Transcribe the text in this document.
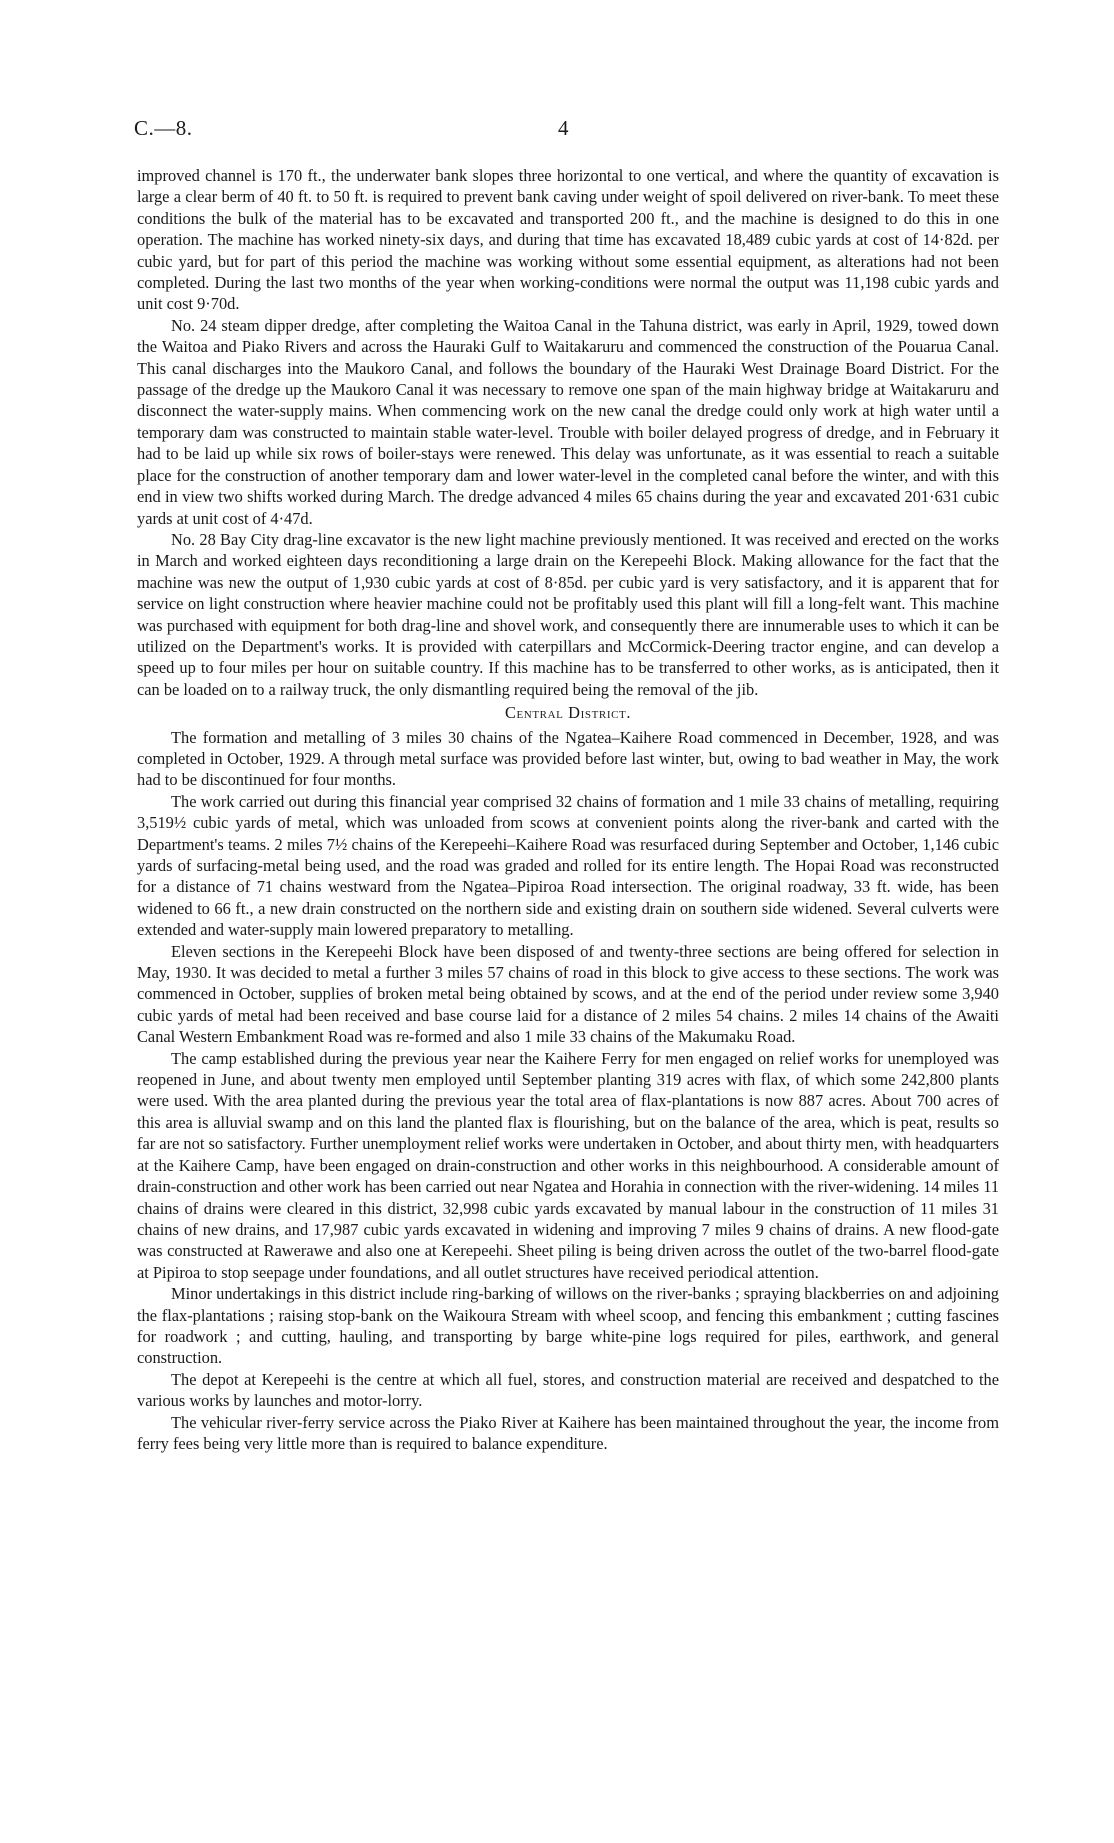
C.—8.	4

improved channel is 170 ft., the underwater bank slopes three horizontal to one vertical, and where the quantity of excavation is large a clear berm of 40 ft. to 50 ft. is required to prevent bank caving under weight of spoil delivered on river-bank. To meet these conditions the bulk of the material has to be excavated and transported 200 ft., and the machine is designed to do this in one operation. The machine has worked ninety-six days, and during that time has excavated 18,489 cubic yards at cost of 14·82d. per cubic yard, but for part of this period the machine was working without some essential equipment, as alterations had not been completed. During the last two months of the year when working-conditions were normal the output was 11,198 cubic yards and unit cost 9·70d.

No. 24 steam dipper dredge, after completing the Waitoa Canal in the Tahuna district, was early in April, 1929, towed down the Waitoa and Piako Rivers and across the Hauraki Gulf to Waitakaruru and commenced the construction of the Pouarua Canal. This canal discharges into the Maukoro Canal, and follows the boundary of the Hauraki West Drainage Board District. For the passage of the dredge up the Maukoro Canal it was necessary to remove one span of the main highway bridge at Waitakaruru and disconnect the water-supply mains. When commencing work on the new canal the dredge could only work at high water until a temporary dam was constructed to maintain stable water-level. Trouble with boiler delayed progress of dredge, and in February it had to be laid up while six rows of boiler-stays were renewed. This delay was unfortunate, as it was essential to reach a suitable place for the construction of another temporary dam and lower water-level in the completed canal before the winter, and with this end in view two shifts worked during March. The dredge advanced 4 miles 65 chains during the year and excavated 201·631 cubic yards at unit cost of 4·47d.

No. 28 Bay City drag-line excavator is the new light machine previously mentioned. It was received and erected on the works in March and worked eighteen days reconditioning a large drain on the Kerepeehi Block. Making allowance for the fact that the machine was new the output of 1,930 cubic yards at cost of 8·85d. per cubic yard is very satisfactory, and it is apparent that for service on light construction where heavier machine could not be profitably used this plant will fill a long-felt want. This machine was purchased with equipment for both drag-line and shovel work, and consequently there are innumerable uses to which it can be utilized on the Department's works. It is provided with caterpillars and McCormick-Deering tractor engine, and can develop a speed up to four miles per hour on suitable country. If this machine has to be transferred to other works, as is anticipated, then it can be loaded on to a railway truck, the only dismantling required being the removal of the jib.

Central District.

The formation and metalling of 3 miles 30 chains of the Ngatea–Kaihere Road commenced in December, 1928, and was completed in October, 1929. A through metal surface was provided before last winter, but, owing to bad weather in May, the work had to be discontinued for four months.

The work carried out during this financial year comprised 32 chains of formation and 1 mile 33 chains of metalling, requiring 3,519½ cubic yards of metal, which was unloaded from scows at convenient points along the river-bank and carted with the Department's teams. 2 miles 7½ chains of the Kerepeehi–Kaihere Road was resurfaced during September and October, 1,146 cubic yards of surfacing-metal being used, and the road was graded and rolled for its entire length. The Hopai Road was reconstructed for a distance of 71 chains westward from the Ngatea–Pipiroa Road intersection. The original roadway, 33 ft. wide, has been widened to 66 ft., a new drain constructed on the northern side and existing drain on southern side widened. Several culverts were extended and water-supply main lowered preparatory to metalling.

Eleven sections in the Kerepeehi Block have been disposed of and twenty-three sections are being offered for selection in May, 1930. It was decided to metal a further 3 miles 57 chains of road in this block to give access to these sections. The work was commenced in October, supplies of broken metal being obtained by scows, and at the end of the period under review some 3,940 cubic yards of metal had been received and base course laid for a distance of 2 miles 54 chains. 2 miles 14 chains of the Awaiti Canal Western Embankment Road was re-formed and also 1 mile 33 chains of the Makumaku Road.

The camp established during the previous year near the Kaihere Ferry for men engaged on relief works for unemployed was reopened in June, and about twenty men employed until September planting 319 acres with flax, of which some 242,800 plants were used. With the area planted during the previous year the total area of flax-plantations is now 887 acres. About 700 acres of this area is alluvial swamp and on this land the planted flax is flourishing, but on the balance of the area, which is peat, results so far are not so satisfactory. Further unemployment relief works were undertaken in October, and about thirty men, with headquarters at the Kaihere Camp, have been engaged on drain-construction and other works in this neighbourhood. A considerable amount of drain-construction and other work has been carried out near Ngatea and Horahia in connection with the river-widening. 14 miles 11 chains of drains were cleared in this district, 32,998 cubic yards excavated by manual labour in the construction of 11 miles 31 chains of new drains, and 17,987 cubic yards excavated in widening and improving 7 miles 9 chains of drains. A new flood-gate was constructed at Rawerawe and also one at Kerepeehi. Sheet piling is being driven across the outlet of the two-barrel flood-gate at Pipiroa to stop seepage under foundations, and all outlet structures have received periodical attention.

Minor undertakings in this district include ring-barking of willows on the river-banks ; spraying blackberries on and adjoining the flax-plantations ; raising stop-bank on the Waikoura Stream with wheel scoop, and fencing this embankment ; cutting fascines for roadwork ; and cutting, hauling, and transporting by barge white-pine logs required for piles, earthwork, and general construction.

The depot at Kerepeehi is the centre at which all fuel, stores, and construction material are received and despatched to the various works by launches and motor-lorry.

The vehicular river-ferry service across the Piako River at Kaihere has been maintained throughout the year, the income from ferry fees being very little more than is required to balance expenditure.
